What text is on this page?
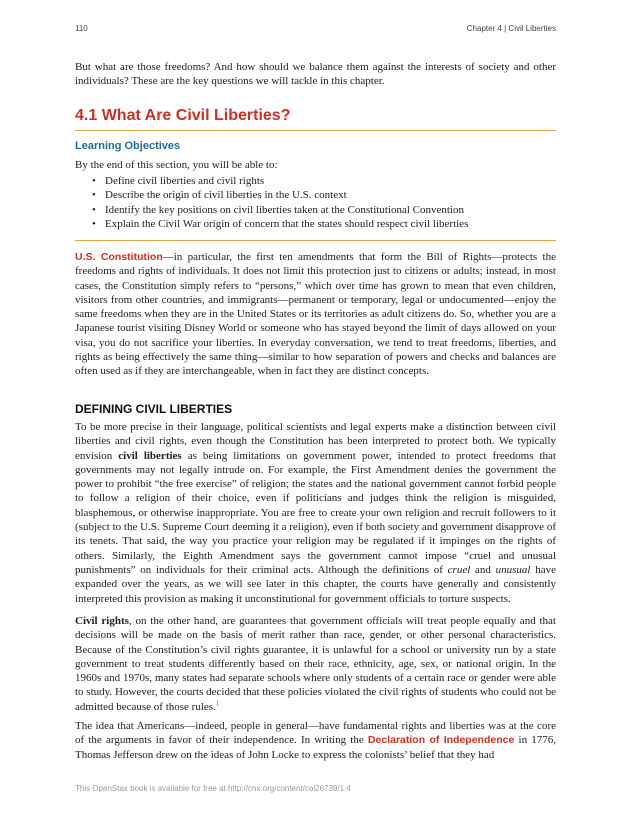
110	Chapter 4 | Civil Liberties

But what are those freedoms? And how should we balance them against the interests of society and other individuals? These are the key questions we will tackle in this chapter.

4.1 What Are Civil Liberties?
Learning Objectives

By the end of this section, you will be able to:

• Define civil liberties and civil rights
• Describe the origin of civil liberties in the U.S. context
• Identify the key positions on civil liberties taken at the Constitutional Convention
• Explain the Civil War origin of concern that the states should respect civil liberties

U.S. Constitution—in particular, the first ten amendments that form the Bill of Rights—protects the freedoms and rights of individuals. It does not limit this protection just to citizens or adults; instead, in most cases, the Constitution simply refers to “persons,” which over time has grown to mean that even children, visitors from other countries, and immigrants—permanent or temporary, legal or undocumented—enjoy the same freedoms when they are in the United States or its territories as adult citizens do. So, whether you are a Japanese tourist visiting Disney World or someone who has stayed beyond the limit of days allowed on your visa, you do not sacrifice your liberties. In everyday conversation, we tend to treat freedoms, liberties, and rights as being effectively the same thing—similar to how separation of powers and checks and balances are often used as if they are interchangeable, when in fact they are distinct concepts.

DEFINING CIVIL LIBERTIES

To be more precise in their language, political scientists and legal experts make a distinction between civil liberties and civil rights, even though the Constitution has been interpreted to protect both. We typically envision civil liberties as being limitations on government power, intended to protect freedoms that governments may not legally intrude on. For example, the First Amendment denies the government the power to prohibit “the free exercise” of religion; the states and the national government cannot forbid people to follow a religion of their choice, even if politicians and judges think the religion is misguided, blasphemous, or otherwise inappropriate. You are free to create your own religion and recruit followers to it (subject to the U.S. Supreme Court deeming it a religion), even if both society and government disapprove of its tenets. That said, the way you practice your religion may be regulated if it impinges on the rights of others. Similarly, the Eighth Amendment says the government cannot impose “cruel and unusual punishments” on individuals for their criminal acts. Although the definitions of cruel and unusual have expanded over the years, as we will see later in this chapter, the courts have generally and consistently interpreted this provision as making it unconstitutional for government officials to torture suspects.

Civil rights, on the other hand, are guarantees that government officials will treat people equally and that decisions will be made on the basis of merit rather than race, gender, or other personal characteristics. Because of the Constitution’s civil rights guarantee, it is unlawful for a school or university run by a state government to treat students differently based on their race, ethnicity, age, sex, or national origin. In the 1960s and 1970s, many states had separate schools where only students of a certain race or gender were able to study. However, the courts decided that these policies violated the civil rights of students who could not be admitted because of those rules.$^1$

The idea that Americans—indeed, people in general—have fundamental rights and liberties was at the core of the arguments in favor of their independence. In writing the Declaration of Independence in 1776, Thomas Jefferson drew on the ideas of John Locke to express the colonists’ belief that they had

This OpenStax book is available for free at http://cnx.org/content/col26739/1.4
